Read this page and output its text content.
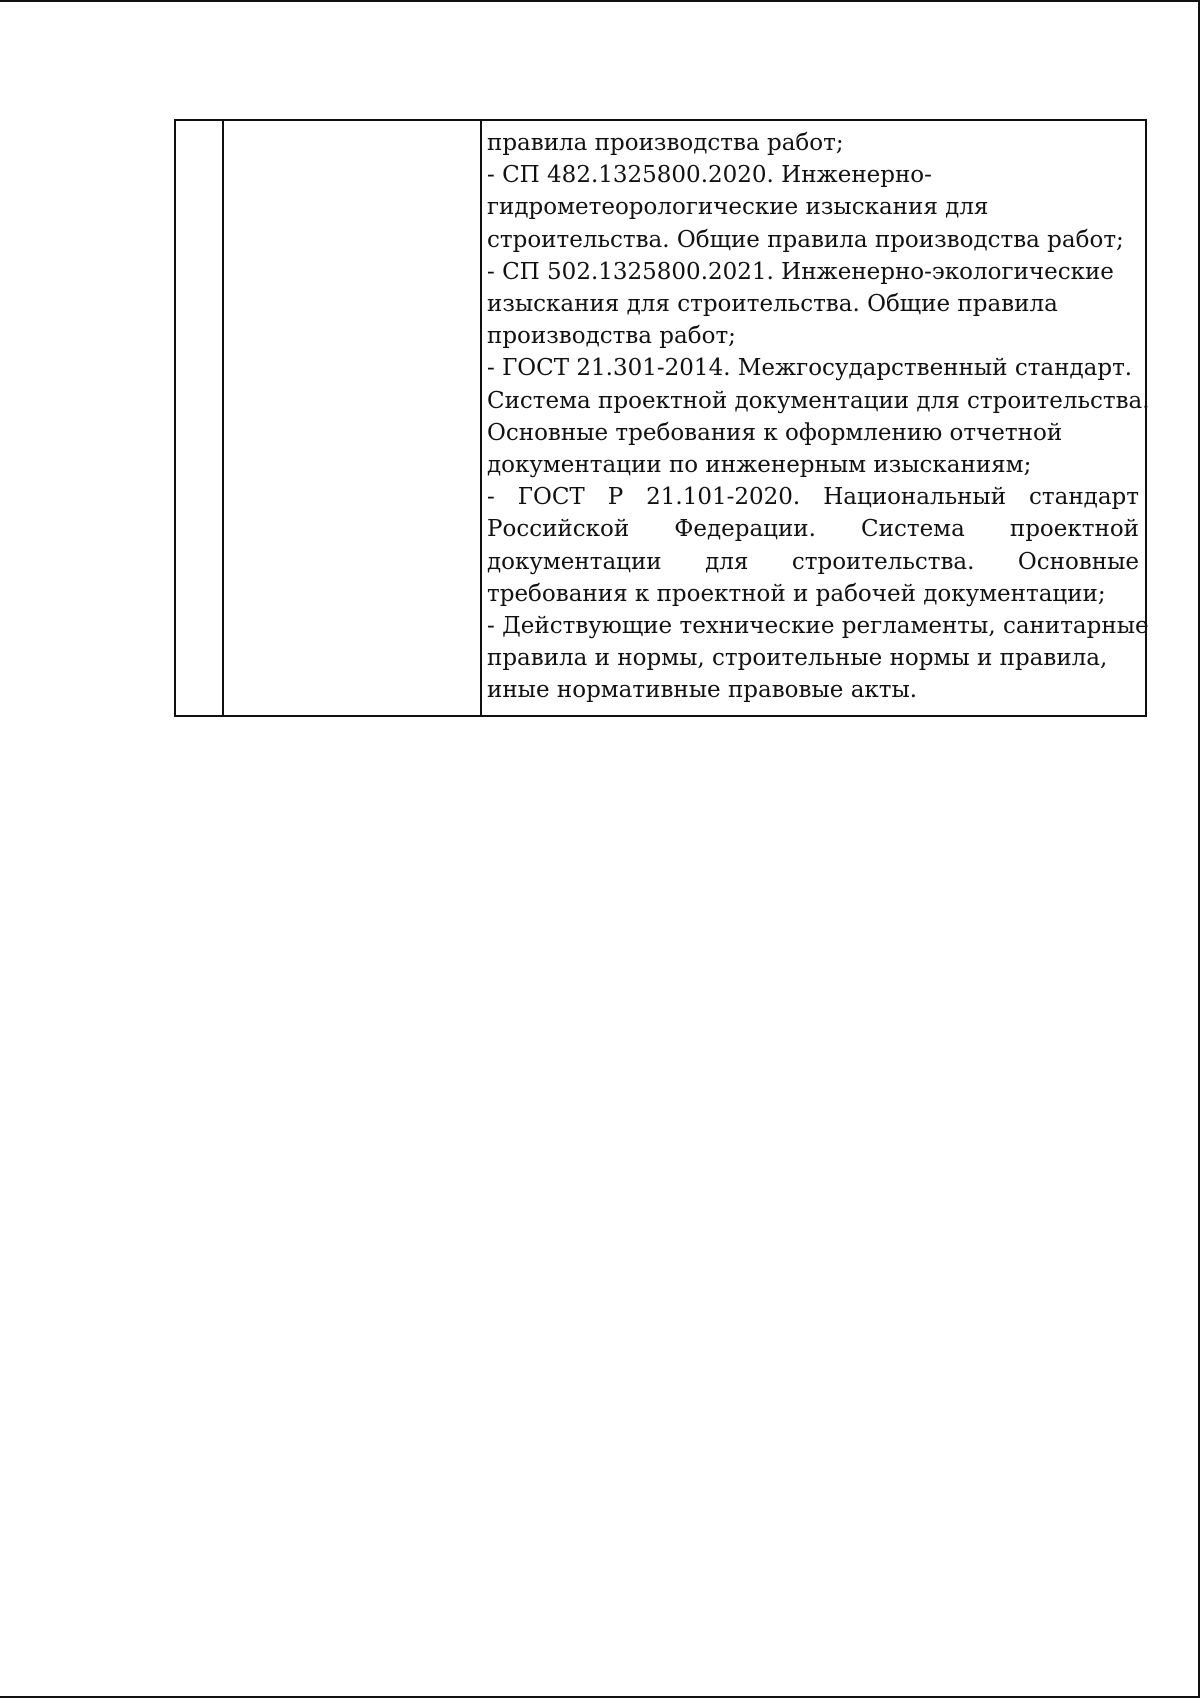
правила производства работ;
- СП 482.1325800.2020. Инженерно-
гидрометеорологические изыскания для
строительства. Общие правила производства работ;
- СП 502.1325800.2021. Инженерно-экологические
изыскания для строительства. Общие правила
производства работ;
- ГОСТ 21.301-2014. Межгосударственный стандарт.
Система проектной документации для строительства.
Основные требования к оформлению отчетной
документации по инженерным изысканиям;
- ГОСТ Р 21.101-2020. Национальный стандарт
Российской Федерации. Система проектной
документации для строительства. Основные
требования к проектной и рабочей документации;
- Действующие технические регламенты, санитарные
правила и нормы, строительные нормы и правила,
иные нормативные правовые акты.
